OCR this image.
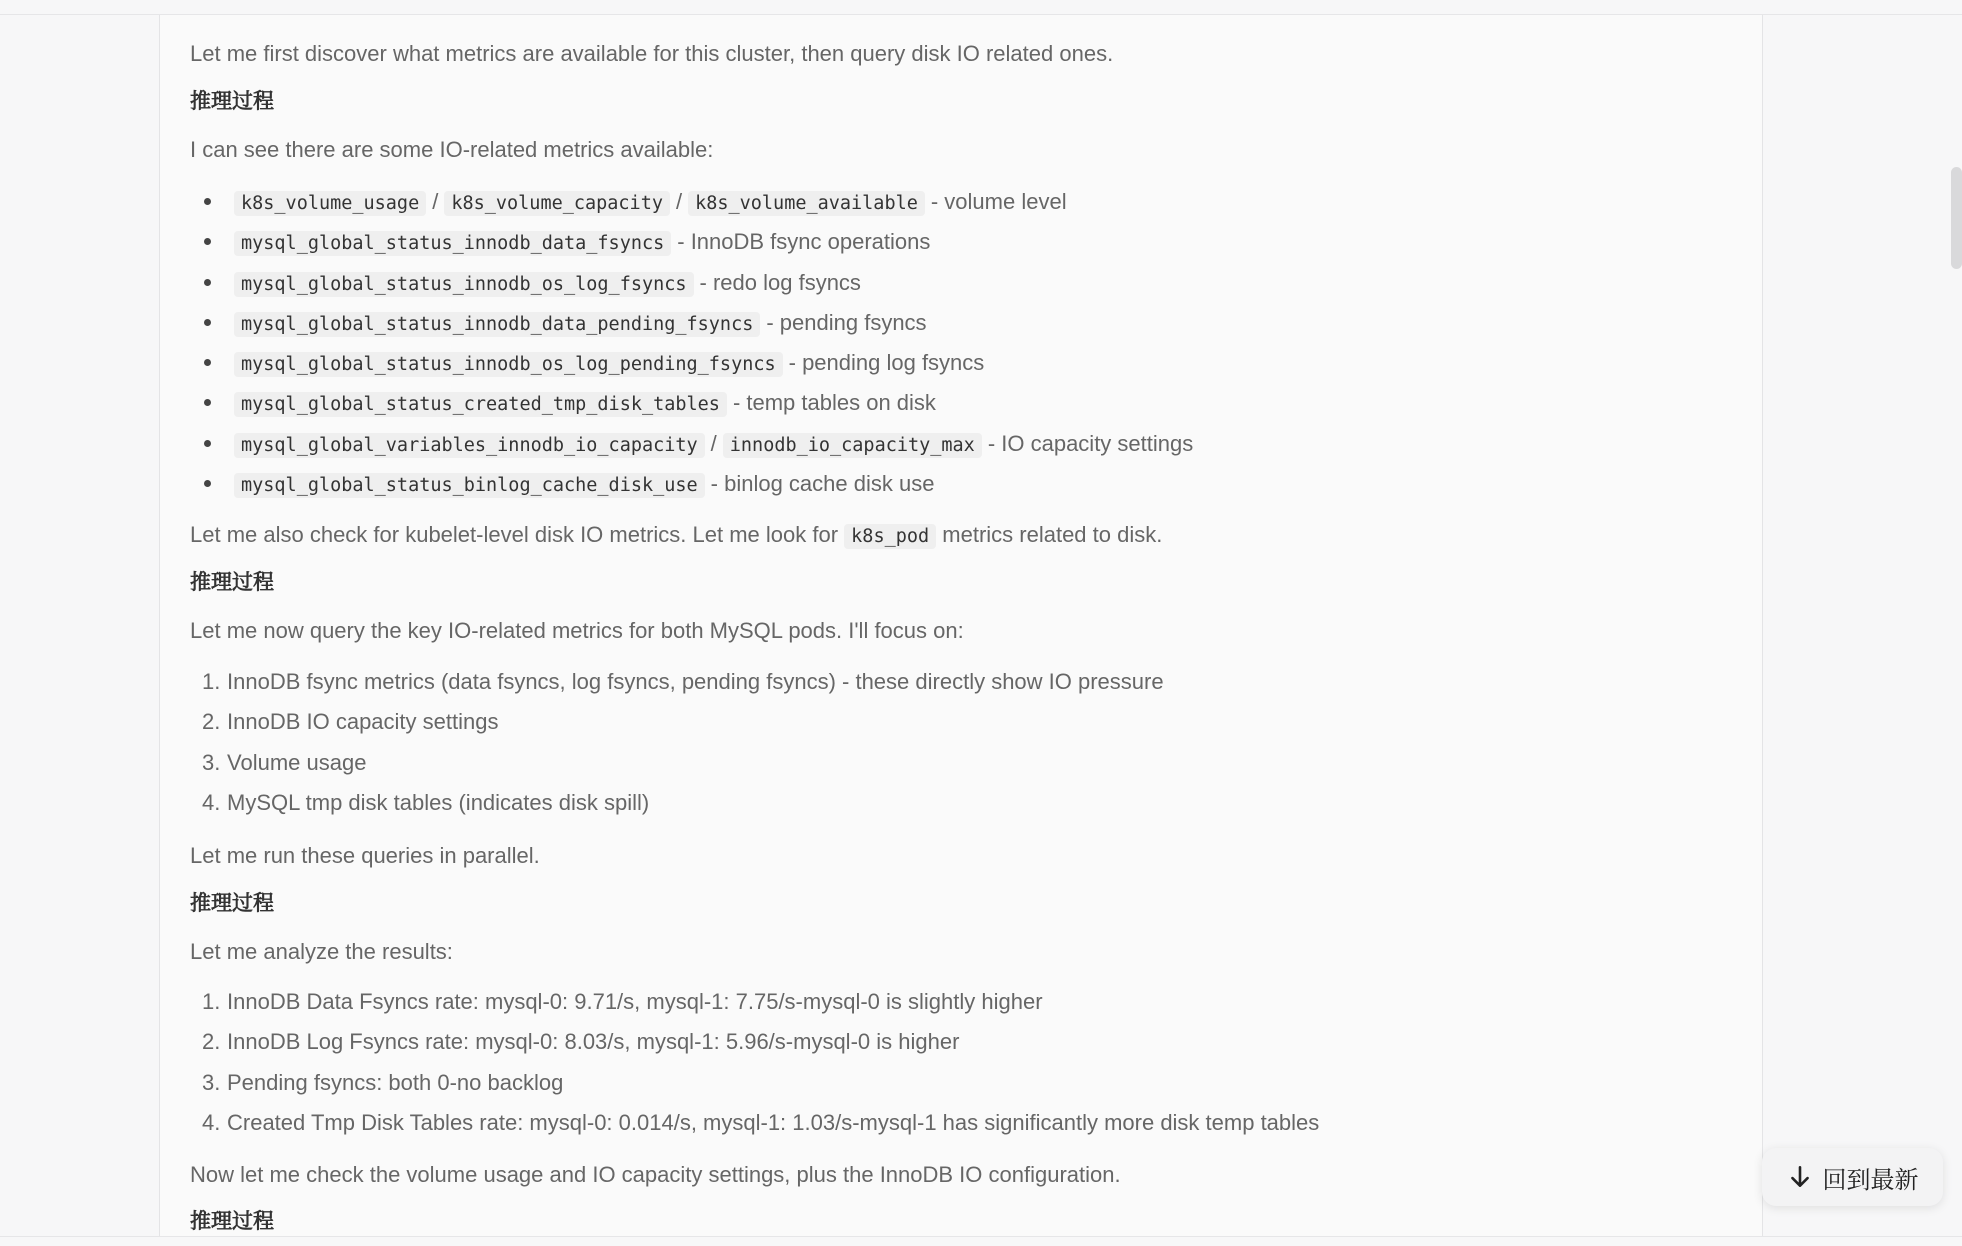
Let me first discover what metrics are available for this cluster, then query disk IO related ones.

推理过程

I can see there are some IO-related metrics available:

k8s_volume_usage / k8s_volume_capacity / k8s_volume_available - volume level
mysql_global_status_innodb_data_fsyncs - InnoDB fsync operations
mysql_global_status_innodb_os_log_fsyncs - redo log fsyncs
mysql_global_status_innodb_data_pending_fsyncs - pending fsyncs
mysql_global_status_innodb_os_log_pending_fsyncs - pending log fsyncs
mysql_global_status_created_tmp_disk_tables - temp tables on disk
mysql_global_variables_innodb_io_capacity / innodb_io_capacity_max - IO capacity settings
mysql_global_status_binlog_cache_disk_use - binlog cache disk use

Let me also check for kubelet-level disk IO metrics. Let me look for k8s_pod metrics related to disk.

推理过程

Let me now query the key IO-related metrics for both MySQL pods. I'll focus on:

1. InnoDB fsync metrics (data fsyncs, log fsyncs, pending fsyncs) - these directly show IO pressure
2. InnoDB IO capacity settings
3. Volume usage
4. MySQL tmp disk tables (indicates disk spill)

Let me run these queries in parallel.

推理过程

Let me analyze the results:

1. InnoDB Data Fsyncs rate: mysql-0: 9.71/s, mysql-1: 7.75/s-mysql-0 is slightly higher
2. InnoDB Log Fsyncs rate: mysql-0: 8.03/s, mysql-1: 5.96/s-mysql-0 is higher
3. Pending fsyncs: both 0-no backlog
4. Created Tmp Disk Tables rate: mysql-0: 0.014/s, mysql-1: 1.03/s-mysql-1 has significantly more disk temp tables

Now let me check the volume usage and IO capacity settings, plus the InnoDB IO configuration.

推理过程

回到最新
